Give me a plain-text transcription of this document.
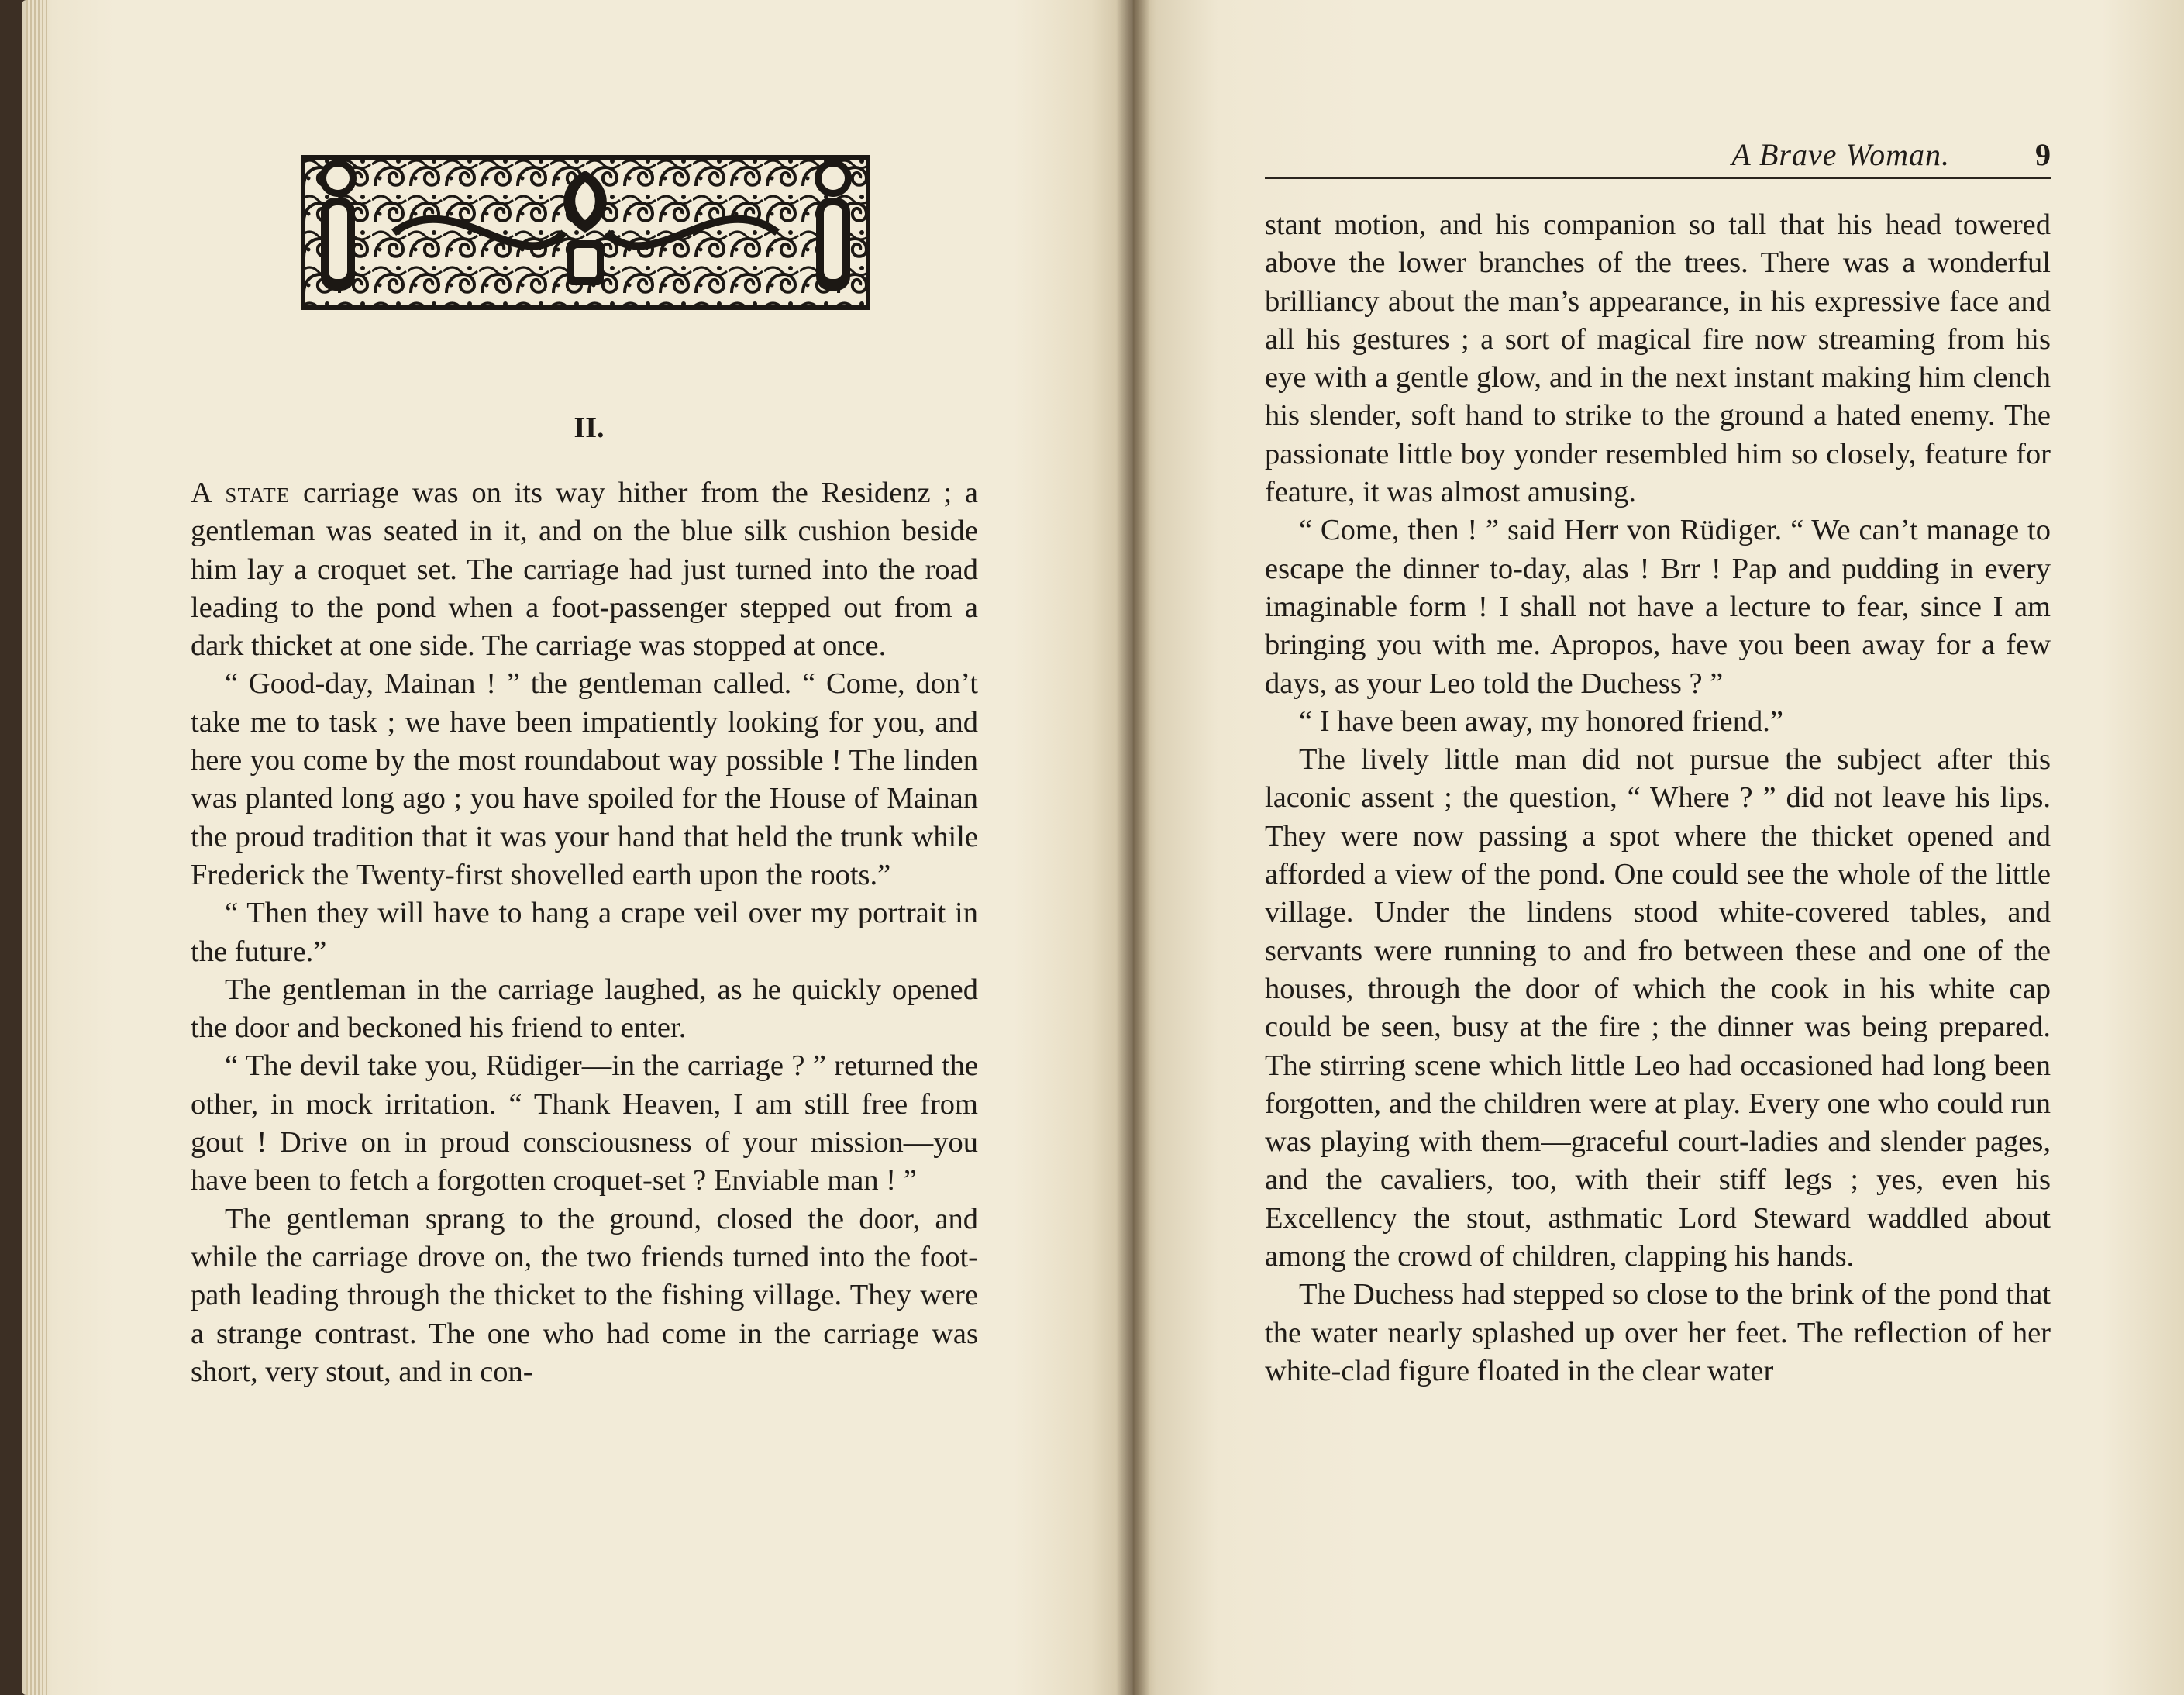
II.

A state carriage was on its way hither from the Residenz ; a gentleman was seated in it, and on the blue silk cushion beside him lay a croquet set. The carriage had just turned into the road leading to the pond when a foot-passenger stepped out from a dark thicket at one side. The carriage was stopped at once.

“ Good-day, Mainan ! ” the gentleman called. “ Come, don’t take me to task ; we have been impatiently looking for you, and here you come by the most roundabout way possible ! The linden was planted long ago ; you have spoiled for the House of Mainan the proud tradition that it was your hand that held the trunk while Frederick the Twenty-first shovelled earth upon the roots.”

“ Then they will have to hang a crape veil over my portrait in the future.”

The gentleman in the carriage laughed, as he quickly opened the door and beckoned his friend to enter.

“ The devil take you, Rüdiger—in the carriage ? ” returned the other, in mock irritation. “ Thank Heaven, I am still free from gout ! Drive on in proud consciousness of your mission—you have been to fetch a forgotten croquet-set ? Enviable man ! ”

The gentleman sprang to the ground, closed the door, and while the carriage drove on, the two friends turned into the foot-path leading through the thicket to the fishing village. They were a strange contrast. The one who had come in the carriage was short, very stout, and in con-

A Brave Woman.	9

stant motion, and his companion so tall that his head towered above the lower branches of the trees. There was a wonderful brilliancy about the man’s appearance, in his expressive face and all his gestures ; a sort of magical fire now streaming from his eye with a gentle glow, and in the next instant making him clench his slender, soft hand to strike to the ground a hated enemy. The passionate little boy yonder resembled him so closely, feature for feature, it was almost amusing.

“ Come, then ! ” said Herr von Rüdiger. “ We can’t manage to escape the dinner to-day, alas ! Brr ! Pap and pudding in every imaginable form ! I shall not have a lecture to fear, since I am bringing you with me. Apropos, have you been away for a few days, as your Leo told the Duchess ? ”

“ I have been away, my honored friend.”

The lively little man did not pursue the subject after this laconic assent ; the question, “ Where ? ” did not leave his lips. They were now passing a spot where the thicket opened and afforded a view of the pond. One could see the whole of the little village. Under the lindens stood white-covered tables, and servants were running to and fro between these and one of the houses, through the door of which the cook in his white cap could be seen, busy at the fire ; the dinner was being prepared. The stirring scene which little Leo had occasioned had long been forgotten, and the children were at play. Every one who could run was playing with them—graceful court-ladies and slender pages, and the cavaliers, too, with their stiff legs ; yes, even his Excellency the stout, asthmatic Lord Steward waddled about among the crowd of children, clapping his hands.

The Duchess had stepped so close to the brink of the pond that the water nearly splashed up over her feet. The reflection of her white-clad figure floated in the clear water
